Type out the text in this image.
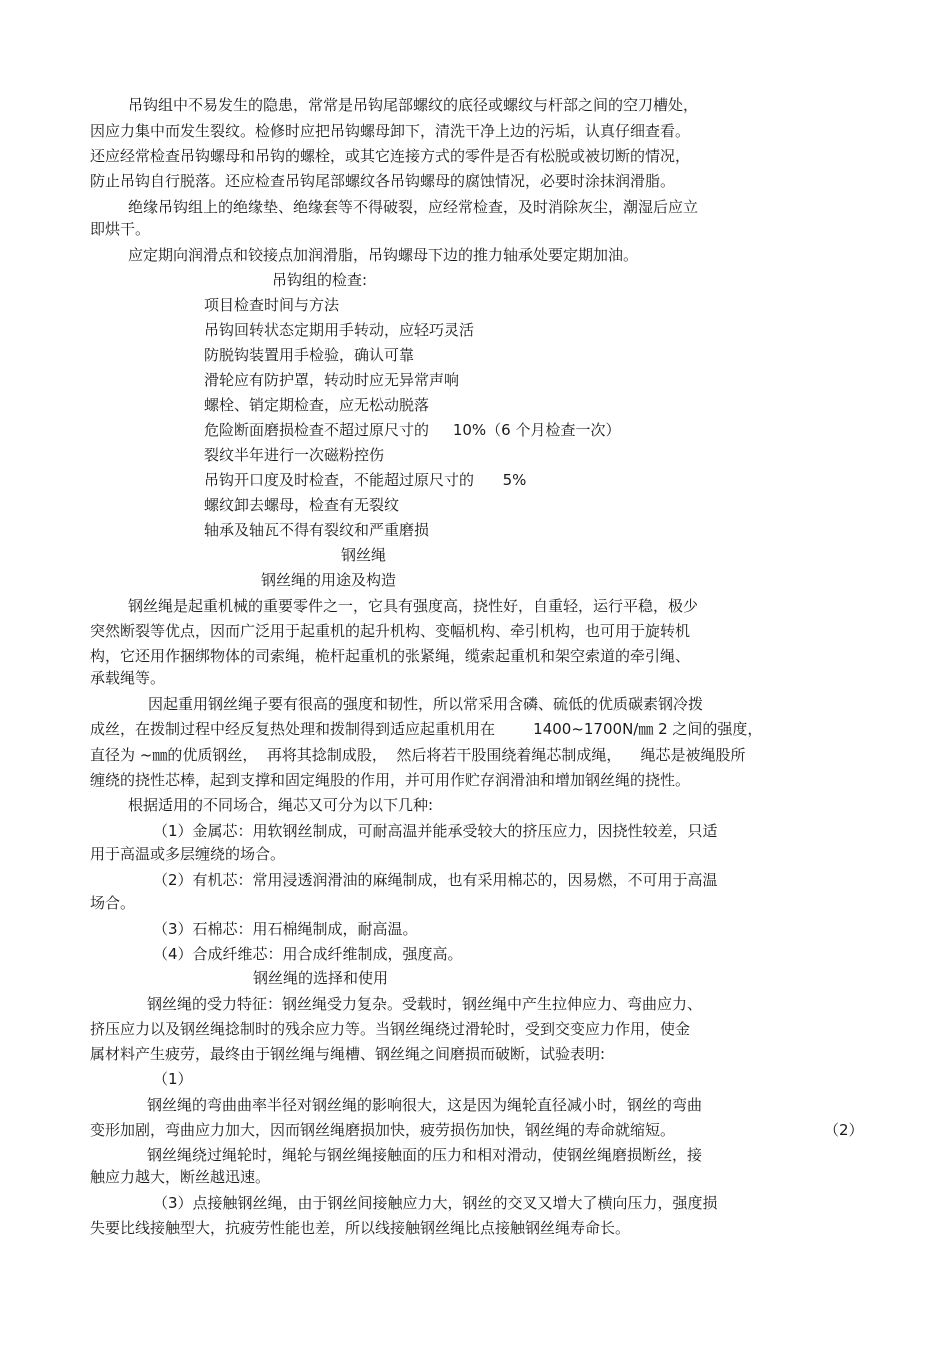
吊钩组中不易发生的隐患，常常是吊钩尾部螺纹的底径或螺纹与杆部之间的空刀槽处，
因应力集中而发生裂纹。检修时应把吊钩螺母卸下，清洗干净上边的污垢，认真仔细查看。
还应经常检查吊钩螺母和吊钩的螺栓，或其它连接方式的零件是否有松脱或被切断的情况，
防止吊钩自行脱落。还应检查吊钩尾部螺纹各吊钩螺母的腐蚀情况，必要时涂抹润滑脂。
绝缘吊钩组上的绝缘垫、绝缘套等不得破裂，应经常检查，及时消除灰尘，潮湿后应立
即烘干。
应定期向润滑点和铰接点加润滑脂，吊钩螺母下边的推力轴承处要定期加油。
吊钩组的检查:
项目检查时间与方法
吊钩回转状态定期用手转动，应轻巧灵活
防脱钩装置用手检验，确认可靠
滑轮应有防护罩，转动时应无异常声响
螺栓、销定期检查，应无松动脱落
危险断面磨损检查不超过原尺寸的     10%（6 个月检查一次）
裂纹半年进行一次磁粉控伤
吊钩开口度及时检查，不能超过原尺寸的      5%
螺纹卸去螺母，检查有无裂纹
轴承及轴瓦不得有裂纹和严重磨损
钢丝绳
钢丝绳的用途及构造
钢丝绳是起重机械的重要零件之一，它具有强度高，挠性好，自重轻，运行平稳，极少
突然断裂等优点，因而广泛用于起重机的起升机构、变幅机构、牵引机构，也可用于旋转机
构，它还用作捆绑物体的司索绳，桅杆起重机的张紧绳，缆索起重机和架空索道的牵引绳、
承载绳等。
因起重用钢丝绳子要有很高的强度和韧性，所以常采用含磷、硫低的优质碳素钢冷拨
成丝，在拨制过程中经反复热处理和拨制得到适应起重机用在        1400~1700N/㎜ 2 之间的强度，
直径为 ~㎜的优质钢丝，  再将其捻制成股，  然后将若干股围绕着绳芯制成绳，    绳芯是被绳股所
缠绕的挠性芯棒，起到支撑和固定绳股的作用，并可用作贮存润滑油和增加钢丝绳的挠性。
根据适用的不同场合，绳芯又可分为以下几种:
（1）金属芯：用软钢丝制成，可耐高温并能承受较大的挤压应力，因挠性较差，只适
用于高温或多层缠绕的场合。
（2）有机芯：常用浸透润滑油的麻绳制成，也有采用棉芯的，因易燃，不可用于高温
场合。
（3）石棉芯：用石棉绳制成，耐高温。
（4）合成纤维芯：用合成纤维制成，强度高。
钢丝绳的选择和使用
钢丝绳的受力特征：钢丝绳受力复杂。受载时，钢丝绳中产生拉伸应力、弯曲应力、
挤压应力以及钢丝绳捻制时的残余应力等。当钢丝绳绕过滑轮时，受到交变应力作用，使金
属材料产生疲劳，最终由于钢丝绳与绳槽、钢丝绳之间磨损而破断，试验表明:
（1）
钢丝绳的弯曲曲率半径对钢丝绳的影响很大，这是因为绳轮直径减小时，钢丝的弯曲
变形加剧，弯曲应力加大，因而钢丝绳磨损加快，疲劳损伤加快，钢丝绳的寿命就缩短。	（2）
钢丝绳绕过绳轮时，绳轮与钢丝绳接触面的压力和相对滑动，使钢丝绳磨损断丝，接
触应力越大，断丝越迅速。
（3）点接触钢丝绳，由于钢丝间接触应力大，钢丝的交叉又增大了横向压力，强度损
失要比线接触型大，抗疲劳性能也差，所以线接触钢丝绳比点接触钢丝绳寿命长。
